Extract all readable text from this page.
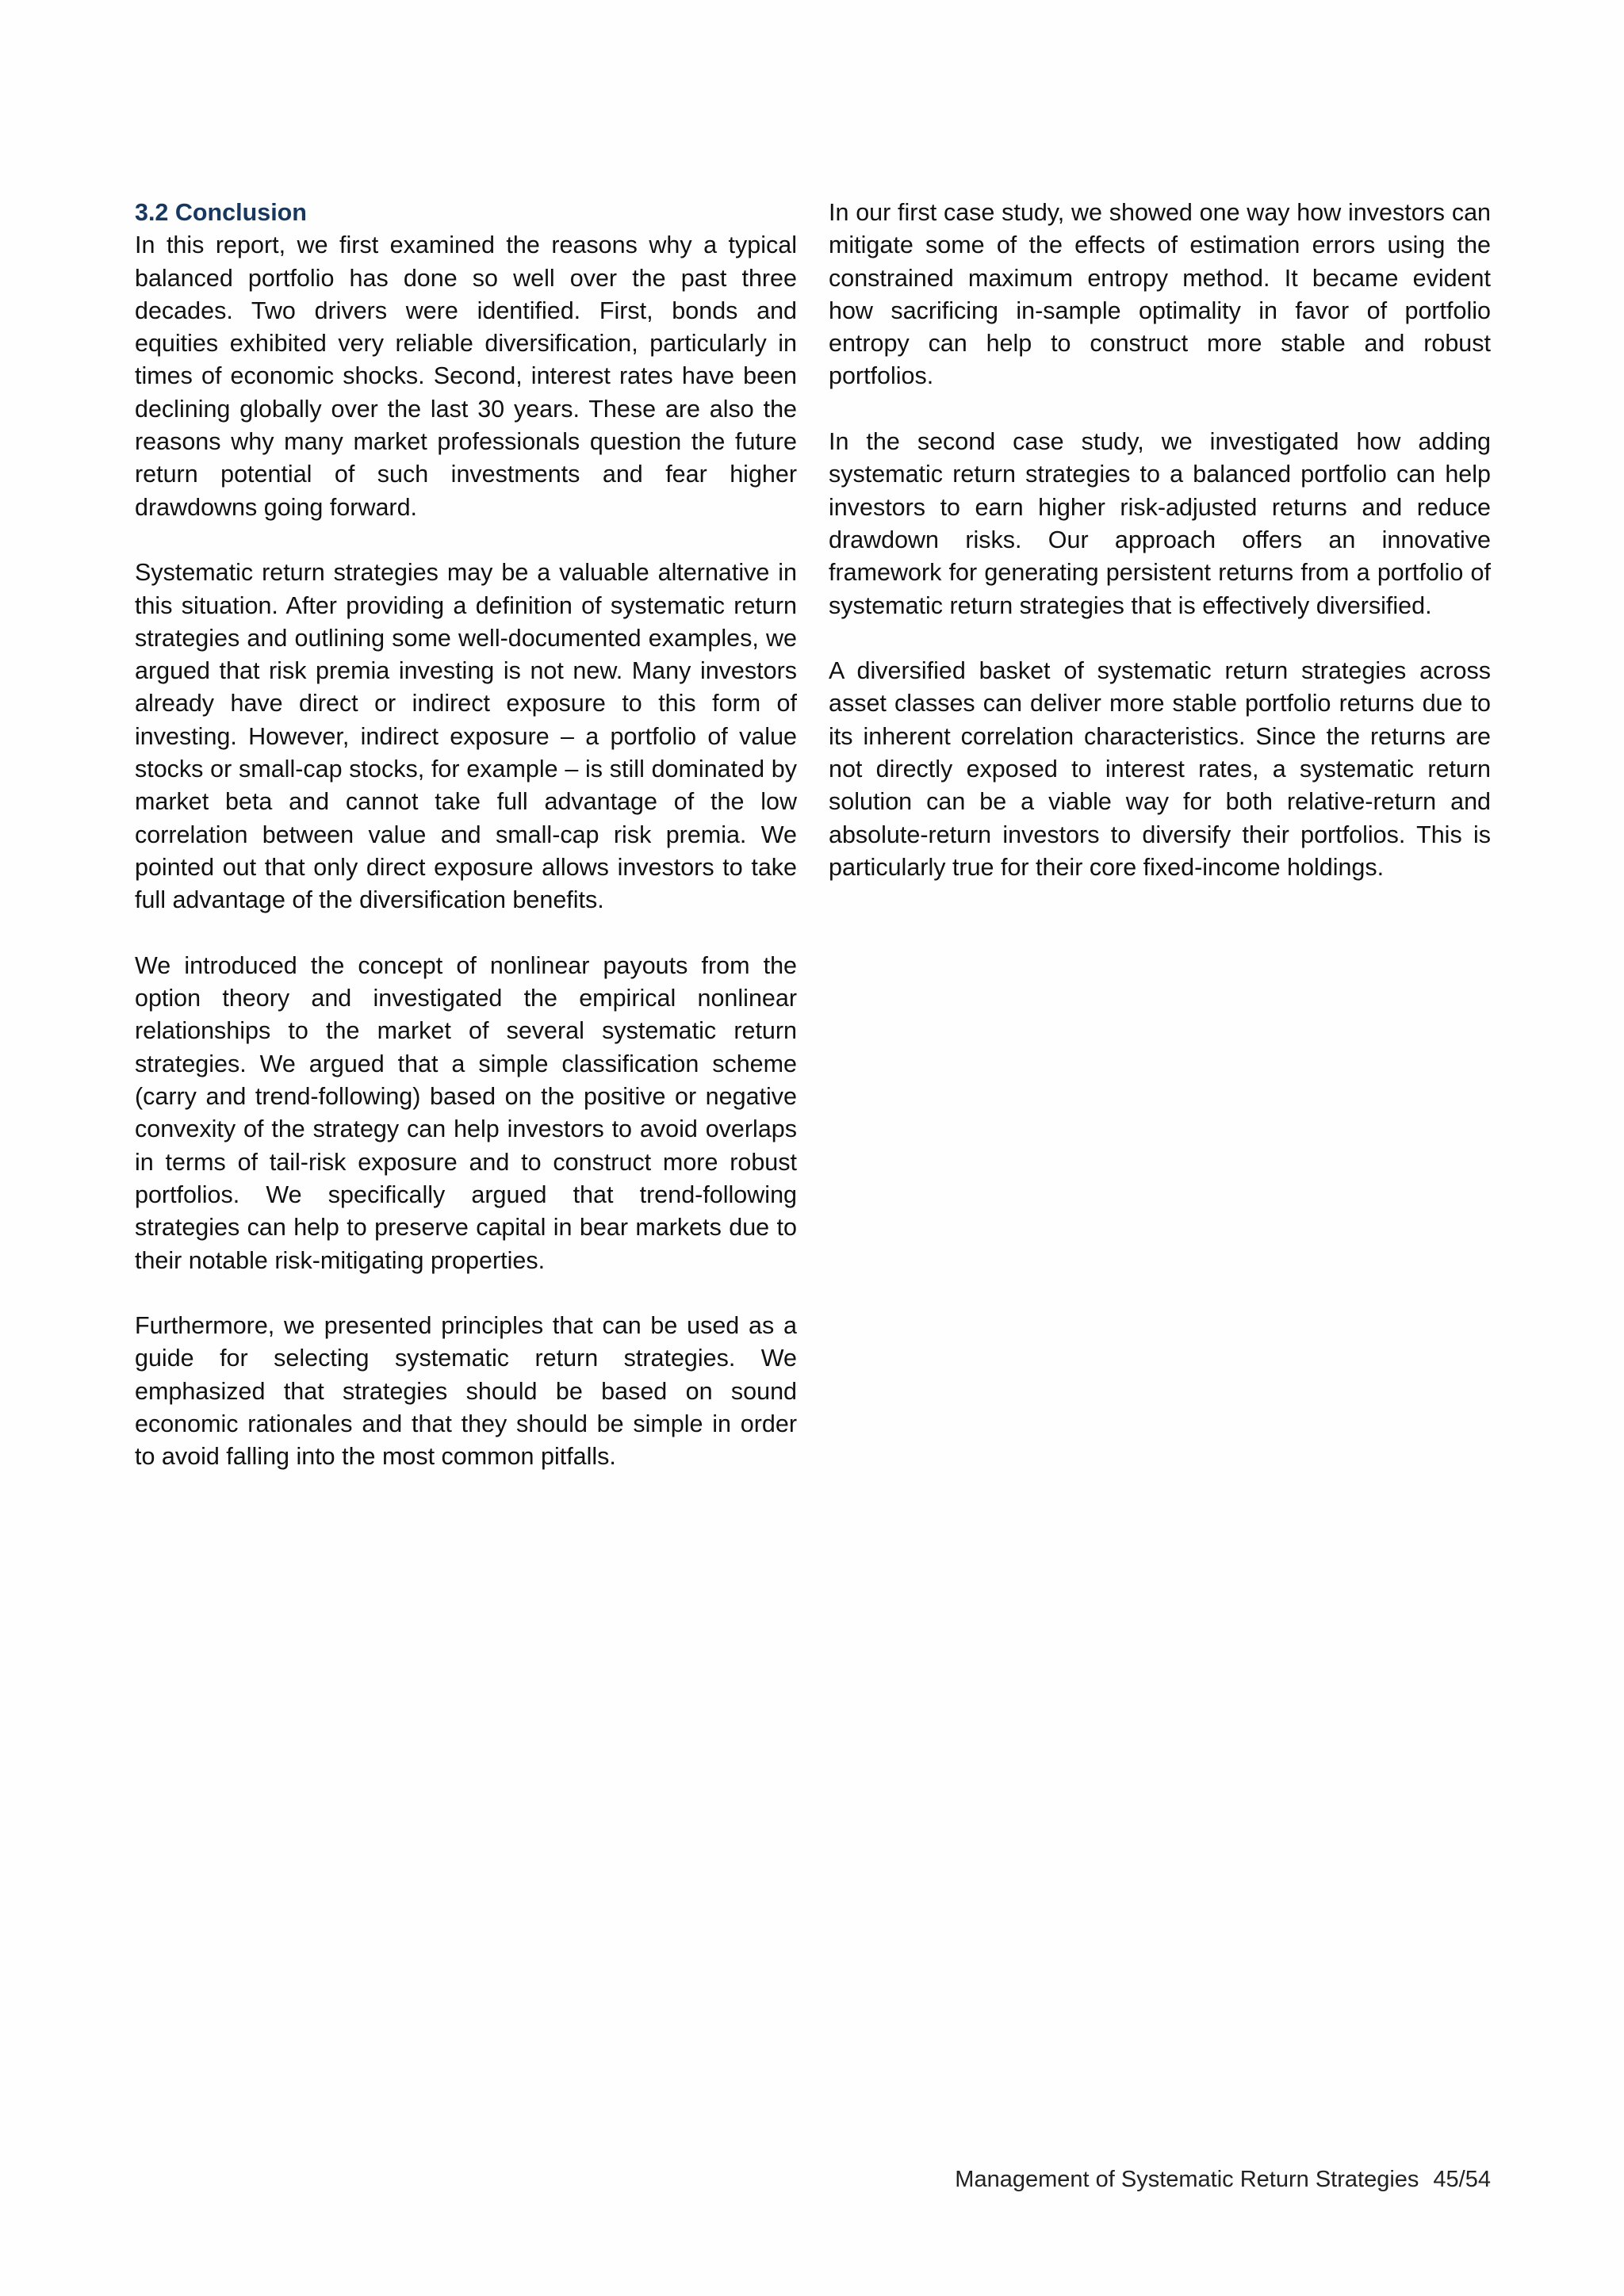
3.2 Conclusion

In this report, we first examined the reasons why a typical balanced portfolio has done so well over the past three decades. Two drivers were identified. First, bonds and equities exhibited very reliable diversification, particularly in times of economic shocks. Second, interest rates have been declining globally over the last 30 years. These are also the reasons why many market professionals question the future return potential of such investments and fear higher drawdowns going forward.

Systematic return strategies may be a valuable alternative in this situation. After providing a definition of systematic return strategies and outlining some well-documented examples, we argued that risk premia investing is not new. Many investors already have direct or indirect exposure to this form of investing. However, indirect exposure – a portfolio of value stocks or small-cap stocks, for example – is still dominated by market beta and cannot take full advantage of the low correlation between value and small-cap risk premia. We pointed out that only direct exposure allows investors to take full advantage of the diversification benefits.

We introduced the concept of nonlinear payouts from the option theory and investigated the empirical nonlinear relationships to the market of several systematic return strategies. We argued that a simple classification scheme (carry and trend-following) based on the positive or negative convexity of the strategy can help investors to avoid overlaps in terms of tail-risk exposure and to construct more robust portfolios. We specifically argued that trend-following strategies can help to preserve capital in bear markets due to their notable risk-mitigating properties.

Furthermore, we presented principles that can be used as a guide for selecting systematic return strategies. We emphasized that strategies should be based on sound economic rationales and that they should be simple in order to avoid falling into the most common pitfalls.

In our first case study, we showed one way how investors can mitigate some of the effects of estimation errors using the constrained maximum entropy method. It became evident how sacrificing in-sample optimality in favor of portfolio entropy can help to construct more stable and robust portfolios.

In the second case study, we investigated how adding systematic return strategies to a balanced portfolio can help investors to earn higher risk-adjusted returns and reduce drawdown risks. Our approach offers an innovative framework for generating persistent returns from a portfolio of systematic return strategies that is effectively diversified.

A diversified basket of systematic return strategies across asset classes can deliver more stable portfolio returns due to its inherent correlation characteristics. Since the returns are not directly exposed to interest rates, a systematic return solution can be a viable way for both relative-return and absolute-return investors to diversify their portfolios. This is particularly true for their core fixed-income holdings.

Management of Systematic Return Strategies 45/54
